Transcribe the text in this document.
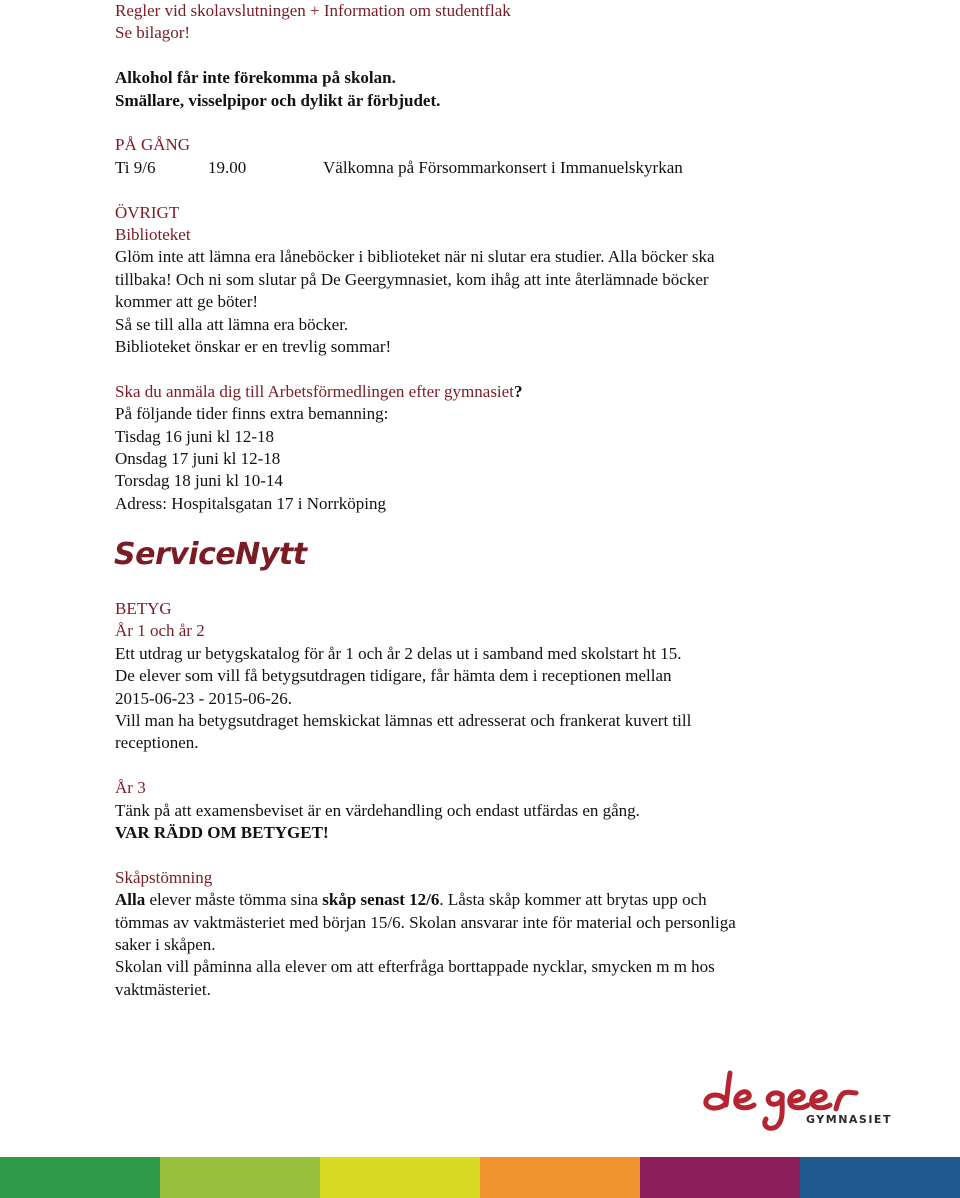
Regler vid skolavslutningen + Information om studentflak

Se bilagor!

Alkohol får inte förekomma på skolan.

Smällare, visselpipor och dylikt är förbjudet.

PÅ GÅNG

Ti 9/6	19.00	Välkomna på Försommarkonsert i Immanuelskyrkan

ÖVRIGT

Biblioteket

Glöm inte att lämna era låneböcker i biblioteket när ni slutar era studier. Alla böcker ska

tillbaka! Och ni som slutar på De Geergymnasiet, kom ihåg att inte återlämnade böcker

kommer att ge böter!

Så se till alla att lämna era böcker.

Biblioteket önskar er en trevlig sommar!

Ska du anmäla dig till Arbetsförmedlingen efter gymnasiet?

På följande tider finns extra bemanning:

Tisdag 16 juni kl 12-18

Onsdag 17 juni kl 12-18

Torsdag 18 juni kl 10-14

Adress: Hospitalsgatan 17 i Norrköping

ServiceNytt

BETYG

År 1 och år 2

Ett utdrag ur betygskatalog för år 1 och år 2 delas ut i samband med skolstart ht 15.

De elever som vill få betygsutdragen tidigare, får hämta dem i receptionen mellan

2015-06-23 - 2015-06-26.

Vill man ha betygsutdraget hemskickat lämnas ett adresserat och frankerat kuvert till

receptionen.

År 3

Tänk på att examensbeviset är en värdehandling och endast utfärdas en gång.

VAR RÄDD OM BETYGET!

Skåpstömning

Alla elever måste tömma sina skåp senast 12/6. Låsta skåp kommer att brytas upp och

tömmas av vaktmästeriet med början 15/6. Skolan ansvarar inte för material och personliga

saker i skåpen.

Skolan vill påminna alla elever om att efterfråga borttappade nycklar, smycken m m hos

vaktmästeriet.

GYMNASIET
